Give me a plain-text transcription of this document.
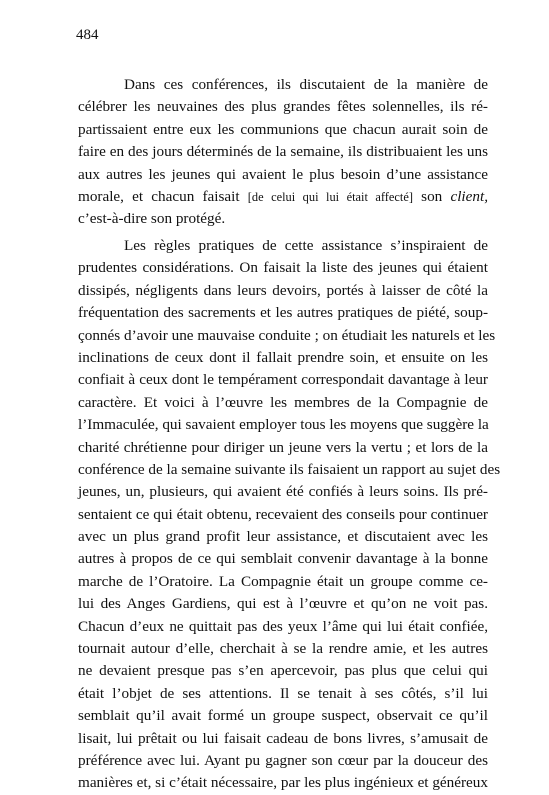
484
Dans ces conférences, ils discutaient de la manière de
célébrer les neuvaines des plus grandes fêtes solennelles, ils ré-
partissaient entre eux les communions que chacun aurait soin de
faire en des jours déterminés de la semaine, ils distribuaient les uns
aux autres les jeunes qui avaient le plus besoin d’une assistance
morale, et chacun faisait [de celui qui lui était affecté] son client,
c’est-à-dire son protégé.
Les règles pratiques de cette assistance s’inspiraient de
prudentes considérations. On faisait la liste des jeunes qui étaient
dissipés, négligents dans leurs devoirs, portés à laisser de côté la
fréquentation des sacrements et les autres pratiques de piété, soup-
çonnés d’avoir une mauvaise conduite ; on étudiait les naturels et les
inclinations de ceux dont il fallait prendre soin, et ensuite on les
confiait à ceux dont le tempérament correspondait davantage à leur
caractère. Et voici à l’œuvre les membres de la Compagnie de
l’Immaculée, qui savaient employer tous les moyens que suggère la
charité chrétienne pour diriger un jeune vers la vertu ; et lors de la
conférence de la semaine suivante ils faisaient un rapport au sujet des
jeunes, un, plusieurs, qui avaient été confiés à leurs soins. Ils pré-
sentaient ce qui était obtenu, recevaient des conseils pour continuer
avec un plus grand profit leur assistance, et discutaient avec les
autres à propos de ce qui semblait convenir davantage à la bonne
marche de l’Oratoire. La Compagnie était un groupe comme ce-
lui des Anges Gardiens, qui est à l’œuvre et qu’on ne voit pas.
Chacun d’eux ne quittait pas des yeux l’âme qui lui était confiée,
tournait autour d’elle, cherchait à se la rendre amie, et les autres
ne devaient presque pas s’en apercevoir, pas plus que celui qui
était l’objet de ses attentions. Il se tenait à ses côtés, s’il lui
semblait qu’il avait formé un groupe suspect, observait ce qu’il
lisait, lui prêtait ou lui faisait cadeau de bons livres, s’amusait de
préférence avec lui. Ayant pu gagner son cœur par la douceur des
manières et, si c’était nécessaire, par les plus ingénieux et généreux
